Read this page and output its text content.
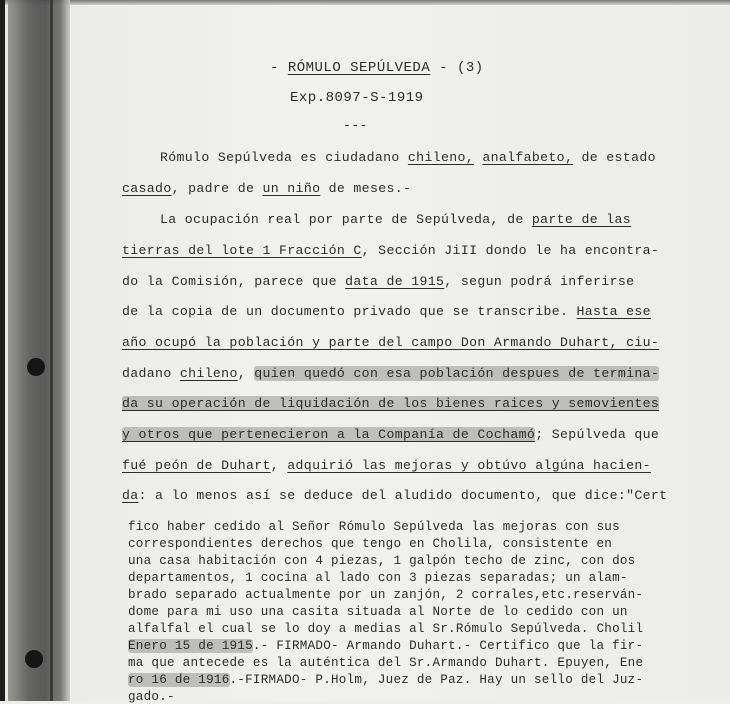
- RÓMULO SEPÚLVEDA - (3)
Exp.8097-S-1919
---
Rómulo Sepúlveda es ciudadano chileno, analfabeto, de estado
casado, padre de un niño de meses.-
La ocupación real por parte de Sepúlveda, de parte de las
tierras del lote 1 Fracción C, Sección JiII dondo le ha encontra-
do la Comisión, parece que data de 1915, segun podrá inferirse
de la copia de un documento privado que se transcribe. Hasta ese
año ocupó la población y parte del campo Don Armando Duhart, ciu-
dadano chileno, quien quedó con esa población despues de termina-
da su operación de liquidación de los bienes raices y semovientes
y otros que pertenecieron a la Companía de Cochamó; Sepúlveda que
fué peón de Duhart, adquirió las mejoras y obtúvo algúna hacien-
da: a lo menos así se deduce del aludido documento, que dice:"Cert
fico haber cedido al Señor Rómulo Sepúlveda las mejoras con sus
correspondientes derechos que tengo en Cholila, consistente en
una casa habitación con 4 piezas, 1 galpón techo de zinc, con dos
departamentos, 1 cocina al lado con 3 piezas separadas; un alam-
brado separado actualmente por un zanjón, 2 corrales,etc.reserván-
dome para mi uso una casita situada al Norte de lo cedido con un
alfalfal el cual se lo doy a medias al Sr.Rómulo Sepúlveda. Cholil
Enero 15 de 1915.- FIRMADO- Armando Duhart.- Certifico que la fir-
ma que antecede es la auténtica del Sr.Armando Duhart. Epuyen, Ene
ro 16 de 1916.-FIRMADO- P.Holm, Juez de Paz. Hay un sello del Juz-
gado.-
